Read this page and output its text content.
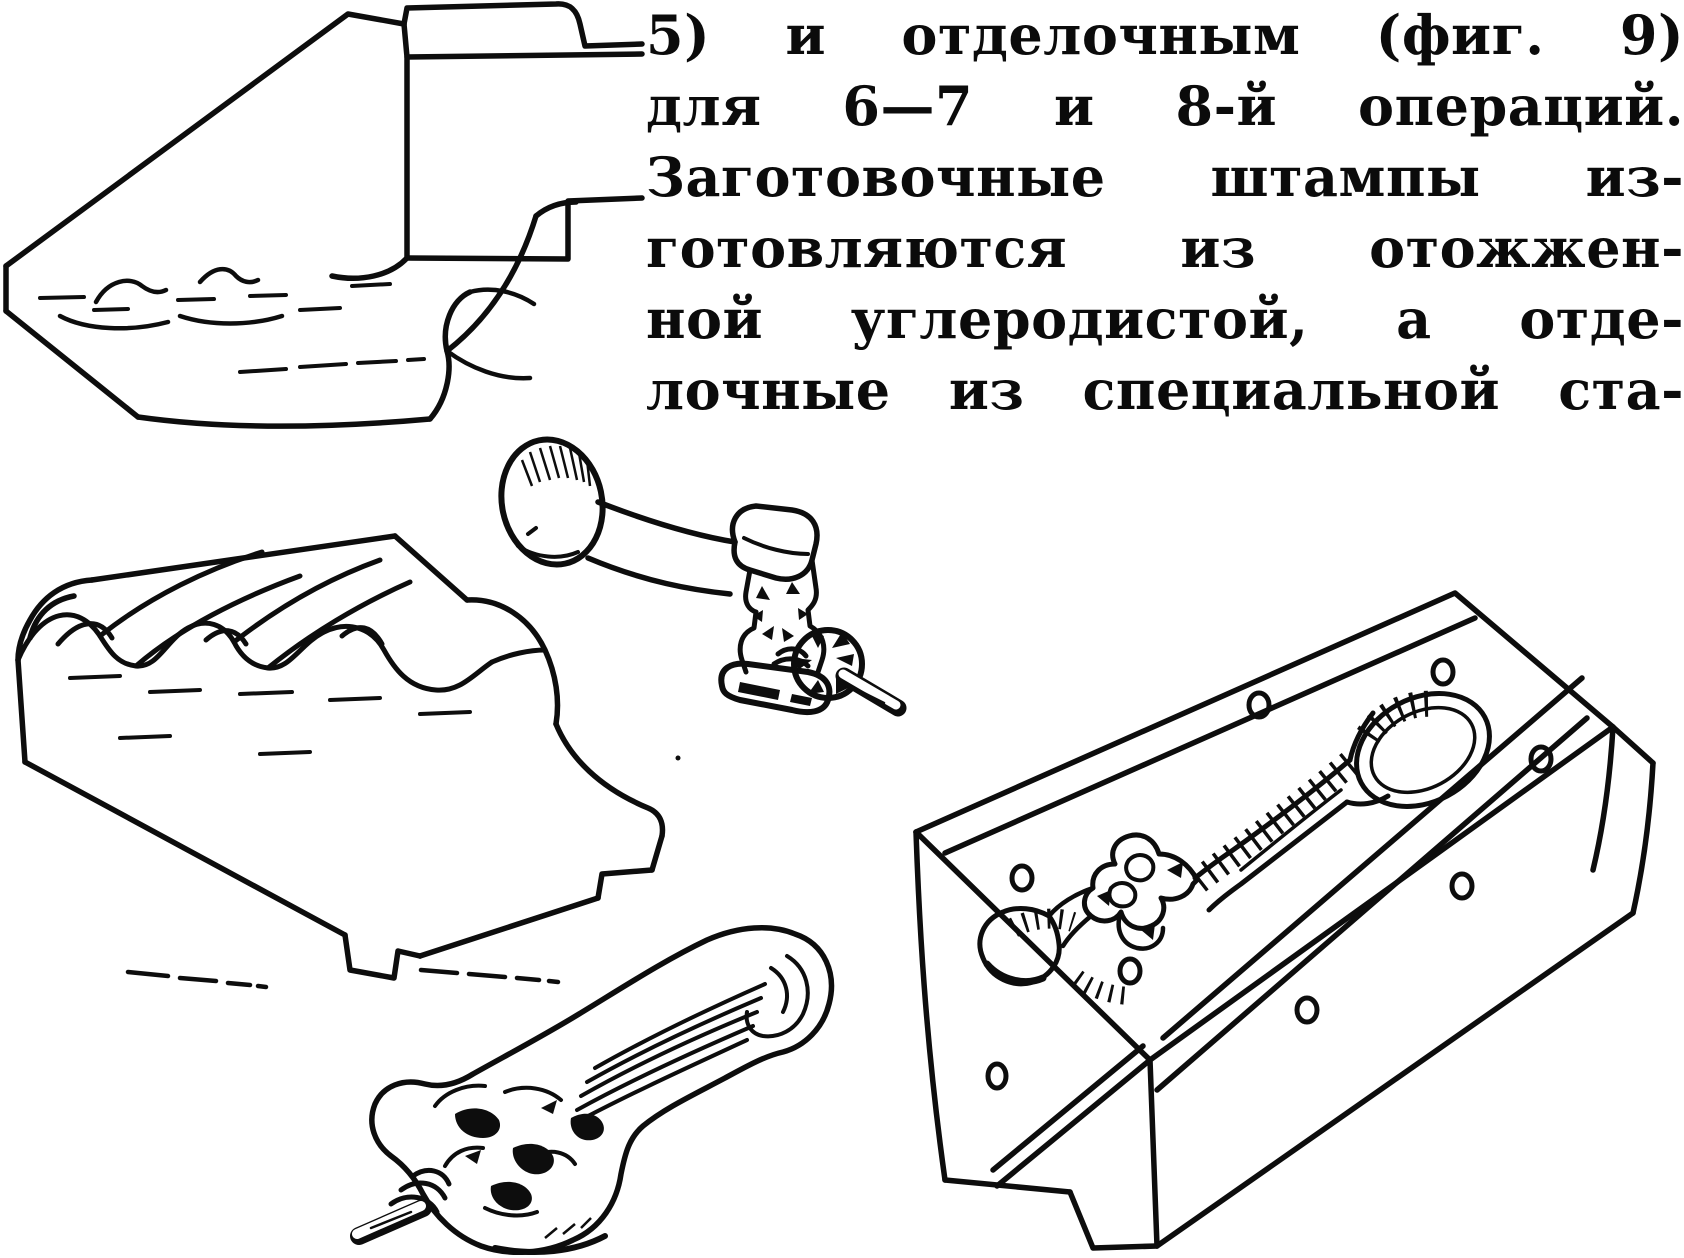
5) и отделочным (фиг. 9)
для 6—7 и 8-й операций.
Заготовочные штампы из-
готовляются из отожжен-
ной углеродистой, а отде-
лочные из специальной ста-
